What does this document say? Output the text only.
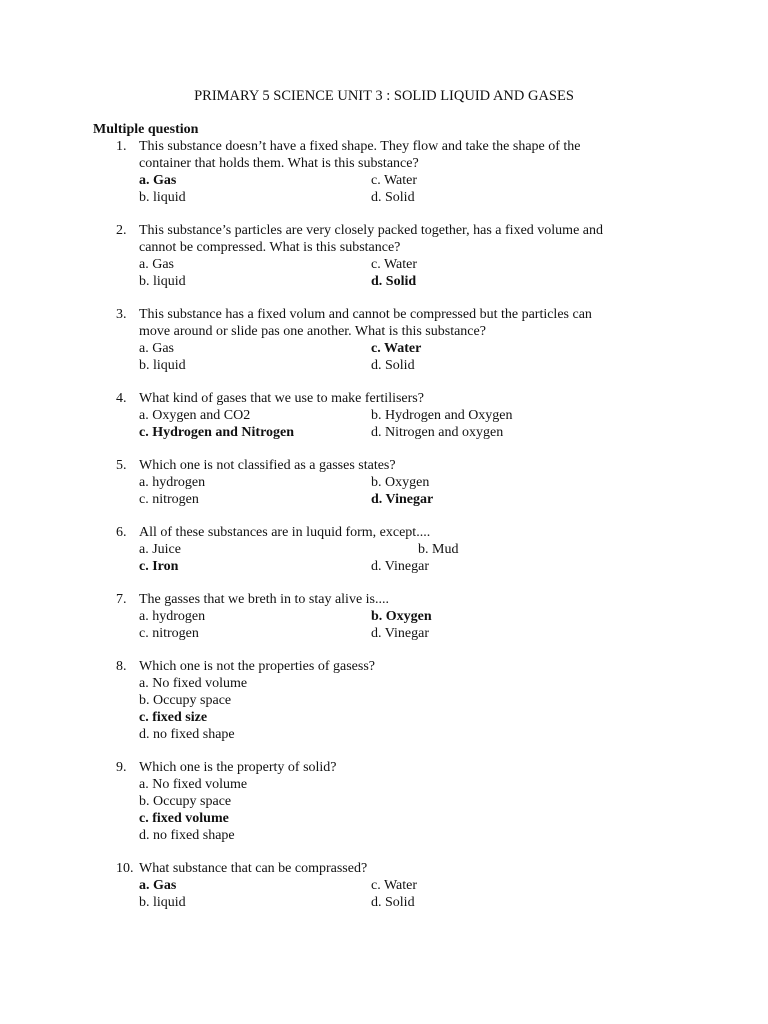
PRIMARY 5 SCIENCE UNIT 3 : SOLID LIQUID AND GASES
Multiple question
1. This substance doesn’t have a fixed shape. They flow and take the shape of the
container that holds them. What is this substance?
a. Gas	c. Water
b. liquid	d. Solid
2. This substance’s particles are very closely packed together, has a fixed volume and
cannot be compressed. What is this substance?
a. Gas	c. Water
b. liquid	d. Solid
3. This substance has a fixed volum and cannot be compressed but the particles can
move around or slide pas one another. What is this substance?
a. Gas	c. Water
b. liquid	d. Solid
4. What kind of gases that we use to make fertilisers?
a. Oxygen and CO2	b. Hydrogen and Oxygen
c. Hydrogen and Nitrogen	d. Nitrogen and oxygen
5. Which one is not classified as a gasses states?
a. hydrogen	b. Oxygen
c. nitrogen	d. Vinegar
6. All of these substances are in luquid form, except....
a. Juice	b. Mud
c. Iron	d. Vinegar
7. The gasses that we breth in to stay alive is....
a. hydrogen	b. Oxygen
c. nitrogen	d. Vinegar
8. Which one is not the properties of gasess?
a. No fixed volume
b. Occupy space
c. fixed size
d. no fixed shape
9. Which one is the property of solid?
a. No fixed volume
b. Occupy space
c. fixed volume
d. no fixed shape
10. What substance that can be comprassed?
a. Gas	c. Water
b. liquid	d. Solid
